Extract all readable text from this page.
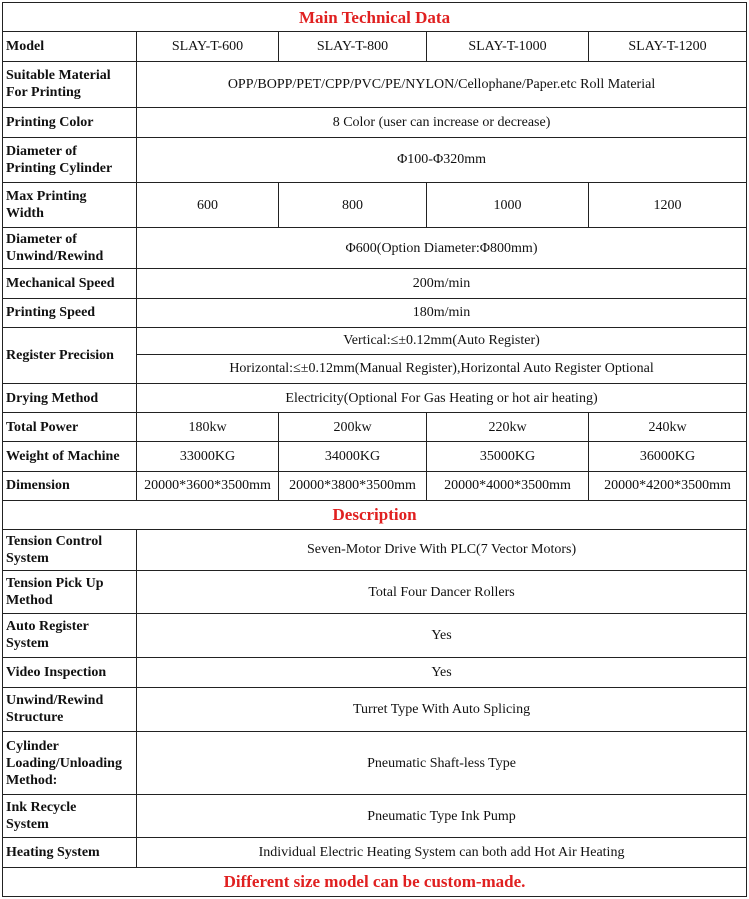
Main Technical Data				
Model	SLAY-T-600	SLAY-T-800	SLAY-T-1000	SLAY-T-1200
Suitable Material
For Printing	OPP/BOPP/PET/CPP/PVC/PE/NYLON/Cellophane/Paper.etc Roll Material			
Printing Color	8 Color (user can increase or decrease)			
Diameter of
Printing Cylinder	Φ100-Φ320mm			
Max Printing
Width	600	800	1000	1200
Diameter of
Unwind/Rewind	Φ600(Option Diameter:Φ800mm)			
Mechanical Speed	200m/min			
Printing Speed	180m/min			
Register Precision	Vertical:≤±0.12mm(Auto Register)			
	Horizontal:≤±0.12mm(Manual Register),Horizontal Auto Register Optional			
Drying Method	Electricity(Optional For Gas Heating or hot air heating)			
Total Power	180kw	200kw	220kw	240kw
Weight of Machine	33000KG	34000KG	35000KG	36000KG
Dimension	20000*3600*3500mm	20000*3800*3500mm	20000*4000*3500mm	20000*4200*3500mm
Description				
Tension Control
System	Seven-Motor Drive With PLC(7 Vector Motors)			
Tension Pick Up
Method	Total Four Dancer Rollers			
Auto Register
System	Yes			
Video Inspection	Yes			
Unwind/Rewind
Structure	Turret Type With Auto Splicing			
Cylinder
Loading/Unloading
Method:	Pneumatic Shaft-less Type			
Ink Recycle
System	Pneumatic Type Ink Pump			
Heating System	Individual Electric Heating System can both add Hot Air Heating			
Different size model can be custom-made.				
